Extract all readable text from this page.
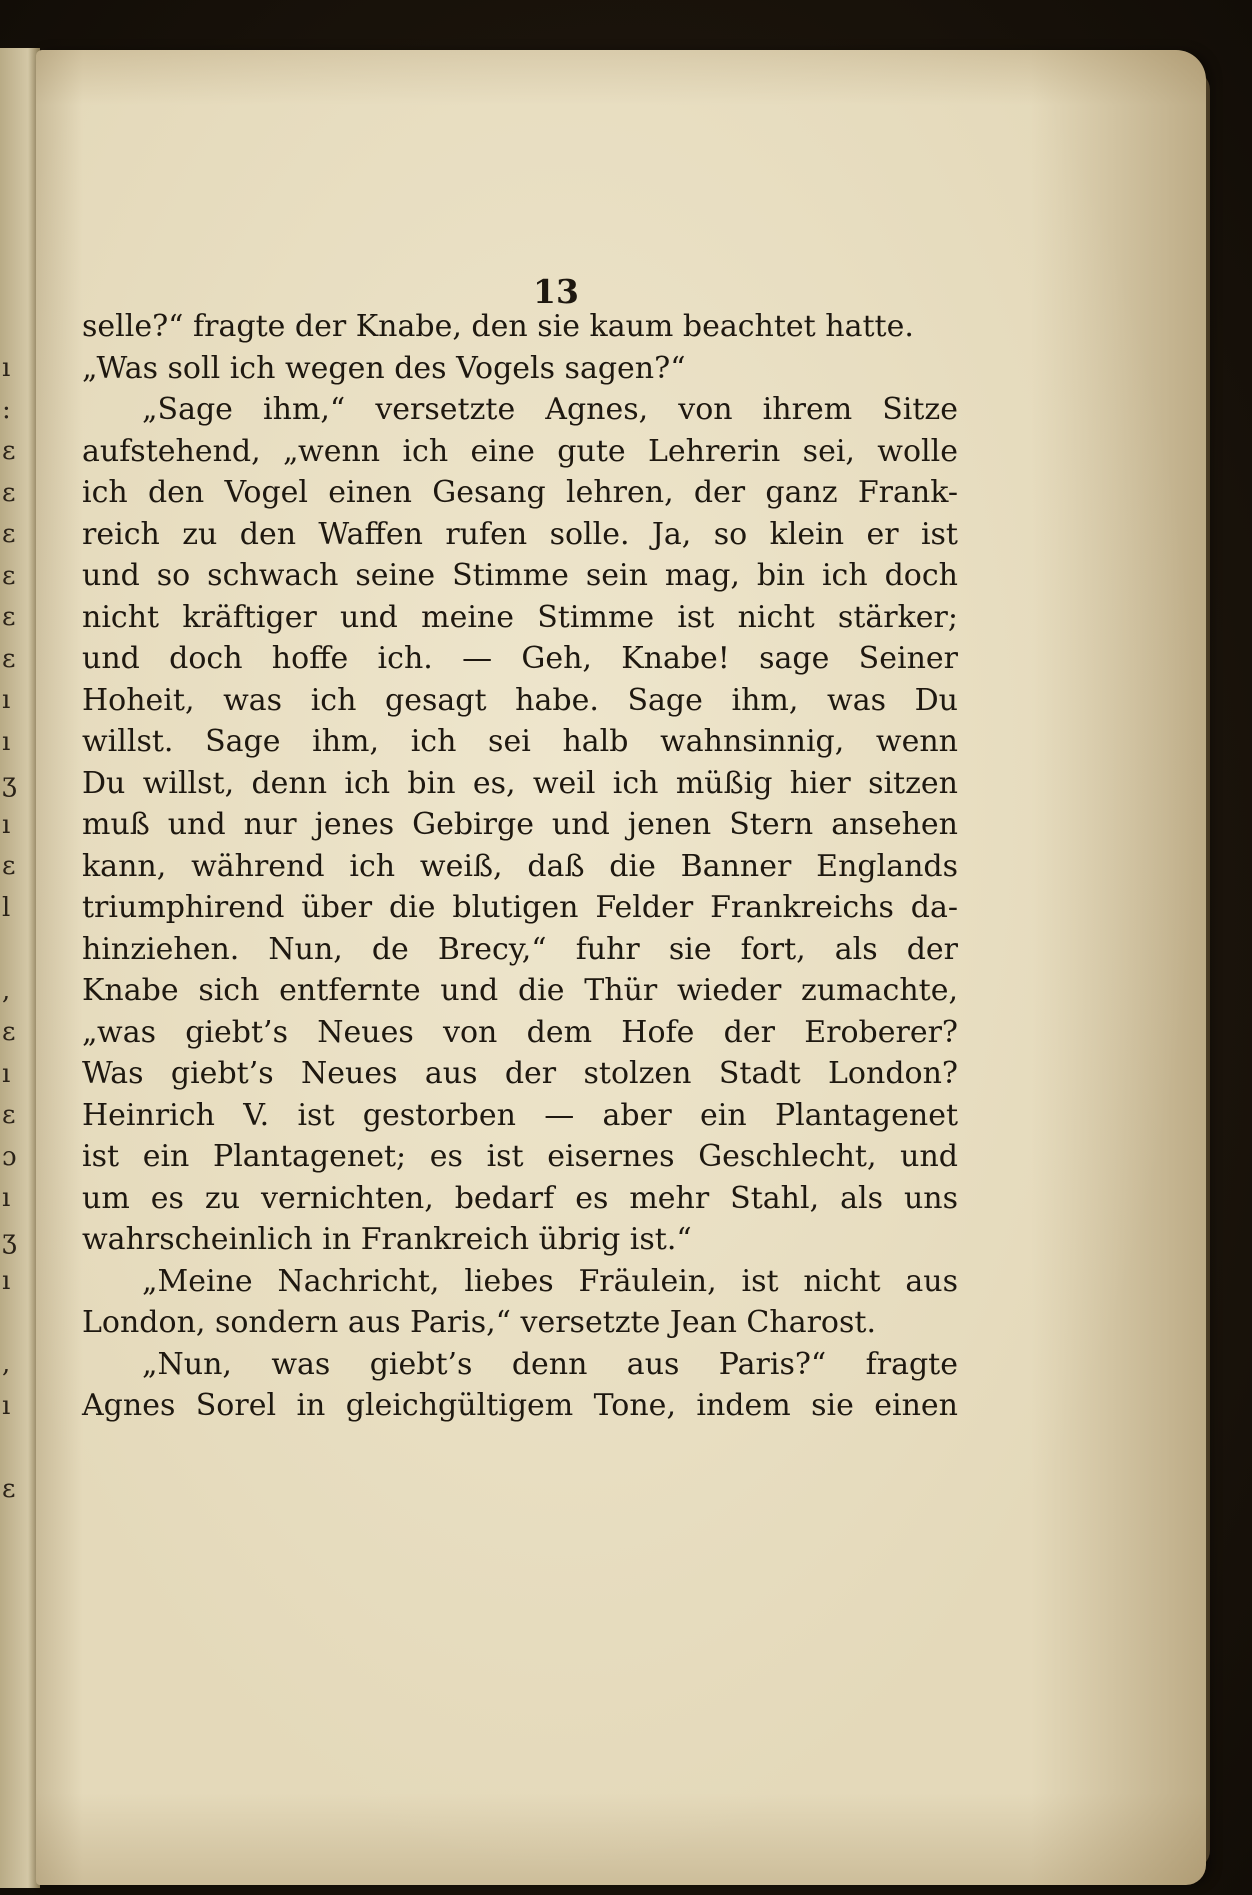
ı
:
ɛ
ɛ
ɛ
ɛ
ɛ
ɛ
ı
ı
ʒ
ı
ɛ
l
,
ɛ
ı
ɛ
ɔ
ı
ʒ
ı
,
ı
ɛ
13
selle?“ fragte der Knabe, den sie kaum beachtet hatte.
„Was soll ich wegen des Vogels sagen?“
„Sage ihm,“ versetzte Agnes, von ihrem Sitze
aufstehend, „wenn ich eine gute Lehrerin sei, wolle
ich den Vogel einen Gesang lehren, der ganz Frank-
reich zu den Waffen rufen solle. Ja, so klein er ist
und so schwach seine Stimme sein mag, bin ich doch
nicht kräftiger und meine Stimme ist nicht stärker;
und doch hoffe ich. — Geh, Knabe! sage Seiner
Hoheit, was ich gesagt habe. Sage ihm, was Du
willst. Sage ihm, ich sei halb wahnsinnig, wenn
Du willst, denn ich bin es, weil ich müßig hier sitzen
muß und nur jenes Gebirge und jenen Stern ansehen
kann, während ich weiß, daß die Banner Englands
triumphirend über die blutigen Felder Frankreichs da-
hinziehen. Nun, de Brecy,“ fuhr sie fort, als der
Knabe sich entfernte und die Thür wieder zumachte,
„was giebt’s Neues von dem Hofe der Eroberer?
Was giebt’s Neues aus der stolzen Stadt London?
Heinrich V. ist gestorben — aber ein Plantagenet
ist ein Plantagenet; es ist eisernes Geschlecht, und
um es zu vernichten, bedarf es mehr Stahl, als uns
wahrscheinlich in Frankreich übrig ist.“
„Meine Nachricht, liebes Fräulein, ist nicht aus
London, sondern aus Paris,“ versetzte Jean Charost.
„Nun, was giebt’s denn aus Paris?“ fragte
Agnes Sorel in gleichgültigem Tone, indem sie einen
